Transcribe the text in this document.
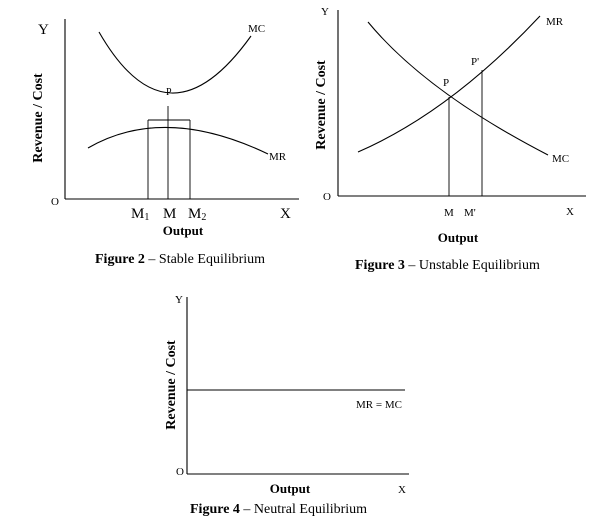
Y
O
X
Revenue / Cost
MC
MR
P
M1 M M2
Output
Figure 2 – Stable Equilibrium
Y
O
X
Revenue / Cost
MR
MC
P
P'
M M'
Output
Figure 3 – Unstable Equilibrium
Y
O
X
Revenue / Cost	MR = MC
Output
Figure 4 – Neutral Equilibrium
